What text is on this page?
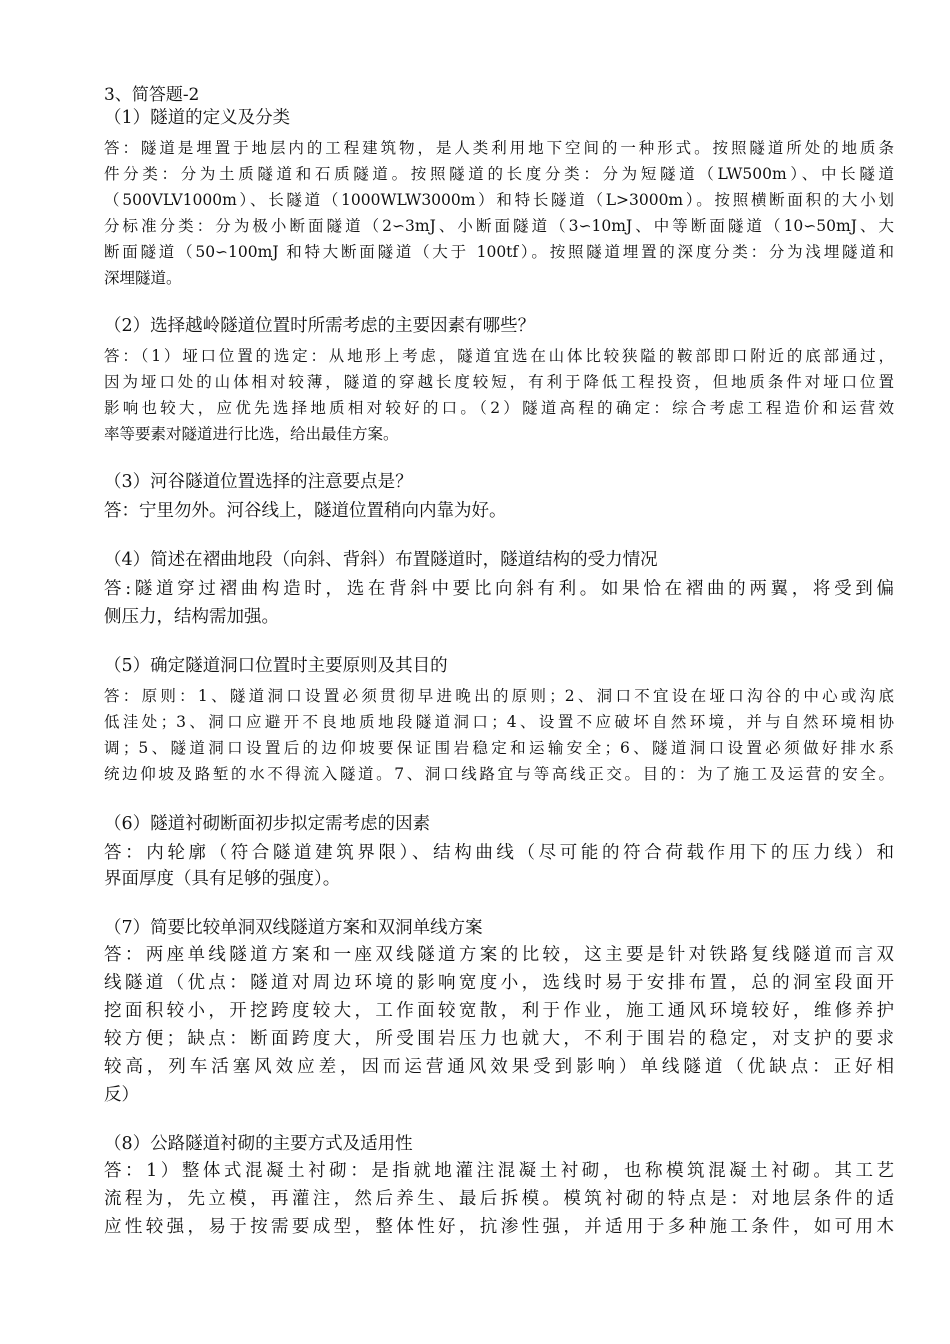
3、简答题-2
（1）隧道的定义及分类
答：隧道是埋置于地层内的工程建筑物，是人类利用地下空间的一种形式。按照隧道所处的地质条
件分类：分为土质隧道和石质隧道。按照隧道的长度分类：分为短隧道（LW500m）、中长隧道
（500VLV1000m）、长隧道（1000WLW3000m）和特长隧道（L>3000m）。按照横断面积的大小划
分标准分类：分为极小断面隧道（2∽3mJ、小断面隧道（3∽10mJ、中等断面隧道（10∽50mJ、大
断面隧道（50∽100mJ 和特大断面隧道（大于 100tf）。按照隧道埋置的深度分类：分为浅埋隧道和
深埋隧道。
（2）选择越岭隧道位置时所需考虑的主要因素有哪些？
答：（1）垭口位置的选定：从地形上考虑，隧道宜选在山体比较狭隘的鞍部即口附近的底部通过，
因为垭口处的山体相对较薄，隧道的穿越长度较短，有利于降低工程投资，但地质条件对垭口位置
影响也较大，应优先选择地质相对较好的口。（2）隧道高程的确定：综合考虑工程造价和运营效
率等要素对隧道进行比选，给出最佳方案。
（3）河谷隧道位置选择的注意要点是？
答：宁里勿外。河谷线上，隧道位置稍向内靠为好。
（4）简述在褶曲地段（向斜、背斜）布置隧道时，隧道结构的受力情况
答:隧道穿过褶曲构造时，选在背斜中要比向斜有利。如果恰在褶曲的两翼，将受到偏
侧压力，结构需加强。
（5）确定隧道洞口位置时主要原则及其目的
答：原则：1、隧道洞口设置必须贯彻早进晚出的原则；2、洞口不宜设在垭口沟谷的中心或沟底
低洼处；3、洞口应避开不良地质地段隧道洞口；4、设置不应破坏自然环境，并与自然环境相协
调；5、隧道洞口设置后的边仰坡要保证围岩稳定和运输安全；6、隧道洞口设置必须做好排水系
统边仰坡及路堑的水不得流入隧道。7、洞口线路宜与等高线正交。目的：为了施工及运营的安全。
（6）隧道衬砌断面初步拟定需考虑的因素
答：内轮廓（符合隧道建筑界限）、结构曲线（尽可能的符合荷载作用下的压力线）和
界面厚度（具有足够的强度）。
（7）简要比较单洞双线隧道方案和双洞单线方案
答：两座单线隧道方案和一座双线隧道方案的比较，这主要是针对铁路复线隧道而言双
线隧道（优点：隧道对周边环境的影响宽度小，选线时易于安排布置，总的洞室段面开
挖面积较小，开挖跨度较大，工作面较宽散，利于作业，施工通风环境较好，维修养护
较方便；缺点：断面跨度大，所受围岩压力也就大，不利于围岩的稳定，对支护的要求
较高，列车活塞风效应差，因而运营通风效果受到影响）单线隧道（优缺点：正好相
反）
（8）公路隧道衬砌的主要方式及适用性
答：1）整体式混凝土衬砌：是指就地灌注混凝土衬砌，也称模筑混凝土衬砌。其工艺
流程为，先立模，再灌注，然后养生、最后拆模。模筑衬砌的特点是：对地层条件的适
应性较强，易于按需要成型，整体性好，抗渗性强，并适用于多种施工条件，如可用木
